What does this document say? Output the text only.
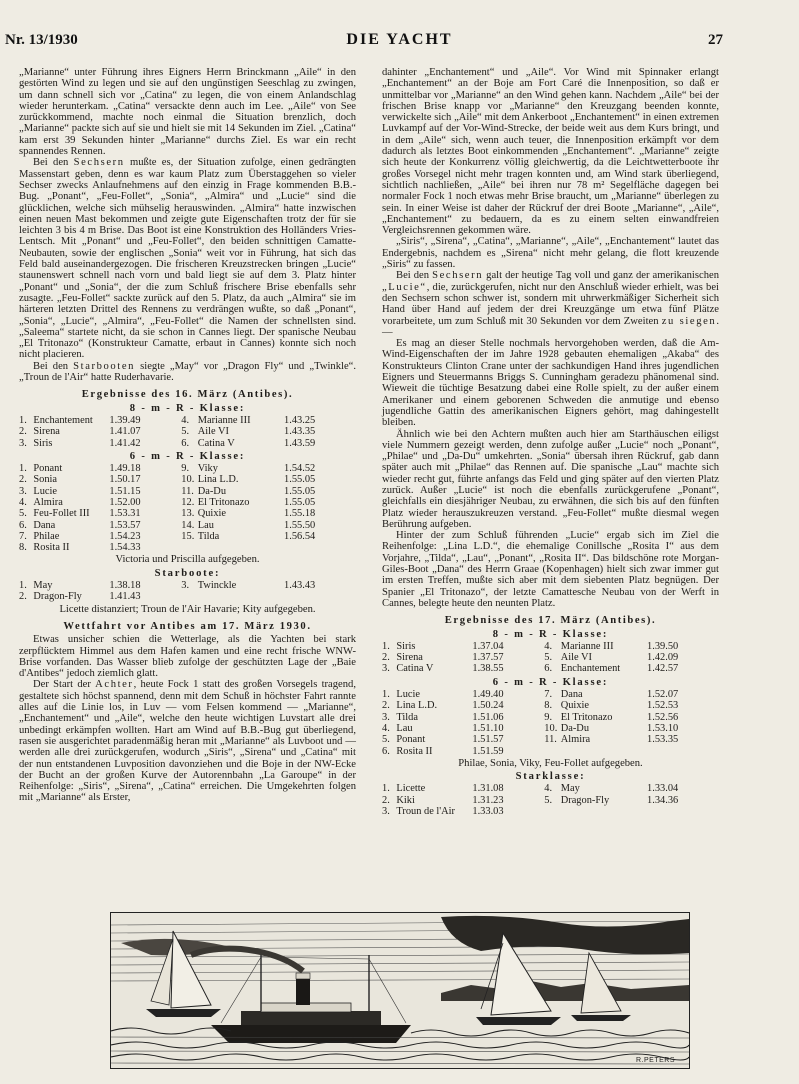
Nr. 13/1930	DIE YACHT	27

„Marianne“ unter Führung ihres Eigners Herrn Brinckmann „Aile“ in den gestörten Wind zu legen und sie auf den ungünstigen Seeschlag zu zwingen, um dann schnell sich vor „Catina“ zu legen, die von einem Anlandschlag wieder herunterkam. „Catina“ versackte denn auch im Lee. „Aile“ von See zurückkommend, machte noch einmal die Situation brenzlich, doch „Marianne“ packte sich auf sie und hielt sie mit 14 Sekunden im Ziel. „Catina“ kam erst 39 Sekunden hinter „Marianne“ durchs Ziel. Es war ein recht spannendes Rennen.

Bei den Sechsern mußte es, der Situation zufolge, einen gedrängten Massenstart geben, denn es war kaum Platz zum Überstaggehen so vieler Sechser zwecks Anlaufnehmens auf den einzig in Frage kommenden B.B.-Bug. „Ponant“, „Feu-Follet“, „Sonia“, „Almira“ und „Lucie“ sind die glücklichen, welche sich mühselig herauswinden. „Almira“ hatte inzwischen einen neuen Mast bekommen und zeigte gute Eigenschaften trotz der für sie leichten 3 bis 4 m Brise. Das Boot ist eine Konstruktion des Holländers Vries-Lentsch. Mit „Ponant“ und „Feu-Follet“, den beiden schnittigen Camatte-Neubauten, sowie der englischen „Sonia“ weit vor in Führung, hat sich das Feld bald auseinandergezogen. Die frischeren Kreuzstrecken bringen „Lucie“ staunenswert schnell nach vorn und bald liegt sie auf dem 3. Platz hinter „Ponant“ und „Sonia“, der die zum Schluß frischere Brise ebenfalls sehr zusagte. „Feu-Follet“ sackte zurück auf den 5. Platz, da auch „Almira“ sie im härteren letzten Drittel des Rennens zu verdrängen wußte, so daß „Ponant“, „Sonia“, „Lucie“, „Almira“, „Feu-Follet“ die Namen der schnellsten sind. „Saleema“ startete nicht, da sie schon in Cannes liegt. Der spanische Neubau „El Tritonazo“ (Konstrukteur Camatte, erbaut in Cannes) konnte sich noch nicht placieren.

Bei den Starbooten siegte „May“ vor „Dragon Fly“ und „Twinkle“. „Troun de l'Air“ hatte Ruderhavarie.

Ergebnisse des 16. März (Antibes).
8 - m - R - Klasse:
1.	Enchantement	1.39.49	4.	Marianne III	1.43.25
2.	Sirena	1.41.07	5.	Aile VI	1.43.35
3.	Siris	1.41.42	6.	Catina V	1.43.59
6 - m - R - Klasse:
1.	Ponant	1.49.18	9.	Viky	1.54.52
2.	Sonia	1.50.17	10.	Lina L.D.	1.55.05
3.	Lucie	1.51.15	11.	Da-Du	1.55.05
4.	Almira	1.52.00	12.	El Tritonazo	1.55.05
5.	Feu-Follet III	1.53.31	13.	Quixie	1.55.18
6.	Dana	1.53.57	14.	Lau	1.55.50
7.	Philae	1.54.23	15.	Tilda	1.56.54
8.	Rosita II	1.54.33			
Victoria und Priscilla aufgegeben.
Starboote:
1.	May	1.38.18	3.	Twinckle	1.43.43
2.	Dragon-Fly	1.41.43			
Licette distanziert; Troun de l'Air Havarie; Kity aufgegeben.
Wettfahrt vor Antibes am 17. März 1930.

Etwas unsicher schien die Wetterlage, als die Yachten bei stark zerpflücktem Himmel aus dem Hafen kamen und eine recht frische WNW-Brise vorfanden. Das Wasser blieb zufolge der geschützten Lage der „Baie d'Antibes“ jedoch ziemlich glatt.

Der Start der Achter, heute Fock 1 statt des großen Vorsegels tragend, gestaltete sich höchst spannend, denn mit dem Schuß in höchster Fahrt rannte alles auf die Linie los, in Luv — vom Felsen kommend — „Marianne“, „Enchantement“ und „Aile“, welche den heute wichtigen Luvstart alle drei unbedingt erkämpfen wollten. Hart am Wind auf B.B.-Bug gut überliegend, rasen sie ausgerichtet paradenmäßig heran mit „Marianne“ als Luvboot und — werden alle drei zurückgerufen, wodurch „Siris“, „Sirena“ und „Catina“ mit der nun entstandenen Luvposition davonziehen und die Boje in der NW-Ecke der Bucht an der großen Kurve der Autorennbahn „La Garoupe“ in der Reihenfolge: „Siris“, „Sirena“, „Catina“ erreichen. Die Umgekehrten folgen mit „Marianne“ als Erster,

dahinter „Enchantement“ und „Aile“. Vor Wind mit Spinnaker erlangt „Enchantement“ an der Boje am Fort Caré die Innenposition, so daß er unmittelbar vor „Marianne“ an den Wind gehen kann. Nachdem „Aile“ bei der frischen Brise knapp vor „Marianne“ den Kreuzgang beenden konnte, verwickelte sich „Aile“ mit dem Ankerboot „Enchantement“ in einen extremen Luvkampf auf der Vor-Wind-Strecke, der beide weit aus dem Kurs bringt, und in dem „Aile“ sich, wenn auch teuer, die Innenposition erkämpft vor dem dadurch als letztes Boot einkommenden „Enchantement“. „Marianne“ zeigte sich heute der Konkurrenz völlig gleichwertig, da die Leichtwetterboote ihr großes Vorsegel nicht mehr tragen konnten und, am Wind stark überliegend, sichtlich nachließen, „Aile“ bei ihren nur 78 m² Segelfläche dagegen bei normaler Fock 1 noch etwas mehr Brise braucht, um „Marianne“ überlegen zu sein. In einer Weise ist daher der Rückruf der drei Boote „Marianne“, „Aile“, „Enchantement“ zu bedauern, da es zu einem selten einwandfreien Vergleichsrennen gekommen wäre.

„Siris“, „Sirena“, „Catina“, „Marianne“, „Aile“, „Enchantement“ lautet das Endergebnis, nachdem es „Sirena“ nicht mehr gelang, die flott kreuzende „Siris“ zu fassen.

Bei den Sechsern galt der heutige Tag voll und ganz der amerikanischen „Lucie“, die, zurückgerufen, nicht nur den Anschluß wieder erhielt, was bei den Sechsern schon schwer ist, sondern mit uhrwerkmäßiger Sicherheit sich Hand über Hand auf jedem der drei Kreuzgänge um etwa fünf Plätze vorarbeitete, um zum Schluß mit 30 Sekunden vor dem Zweiten zu siegen. —

Es mag an dieser Stelle nochmals hervorgehoben werden, daß die Am-Wind-Eigenschaften der im Jahre 1928 gebauten ehemaligen „Akaba“ des Konstrukteurs Clinton Crane unter der sachkundigen Hand ihres jugendlichen Eigners und Steuermanns Briggs S. Cunningham geradezu phänomenal sind. Wieweit die tüchtige Besatzung dabei eine Rolle spielt, zu der außer einem Amerikaner und einem geborenen Schweden die anmutige und ebenso jugendliche Gattin des amerikanischen Eigners gehört, mag dahingestellt bleiben.

Ähnlich wie bei den Achtern mußten auch hier am Starthäuschen eiligst viele Nummern gezeigt werden, denn zufolge außer „Lucie“ noch „Ponant“, „Philae“ und „Da-Du“ umkehrten. „Sonia“ übersah ihren Rückruf, gab dann später auch mit „Philae“ das Rennen auf. Die spanische „Lau“ machte sich wieder recht gut, führte anfangs das Feld und ging später auf den vierten Platz zurück. Außer „Lucie“ ist noch die ebenfalls zurückgerufene „Ponant“, gleichfalls ein diesjähriger Neubau, zu erwähnen, die sich bis auf den fünften Platz wieder herauszukreuzen verstand. „Feu-Follet“ mußte diesmal wegen Berührung aufgeben.

Hinter der zum Schluß führenden „Lucie“ ergab sich im Ziel die Reihenfolge: „Lina L.D.“, die ehemalige Conillsche „Rosita I“ aus dem Vorjahre, „Tilda“, „Lau“, „Ponant“, „Rosita II“. Das bildschöne rote Morgan-Giles-Boot „Dana“ des Herrn Graae (Kopenhagen) hielt sich zwar immer gut im ersten Treffen, mußte sich aber mit dem siebenten Platz begnügen. Der Spanier „El Tritonazo“, der letzte Camattesche Neubau von der Werft in Cannes, belegte heute den neunten Platz.

Ergebnisse des 17. März (Antibes).
8 - m - R - Klasse:
1.	Siris	1.37.04	4.	Marianne III	1.39.50
2.	Sirena	1.37.57	5.	Aile VI	1.42.09
3.	Catina V	1.38.55	6.	Enchantement	1.42.57
6 - m - R - Klasse:
1.	Lucie	1.49.40	7.	Dana	1.52.07
2.	Lina L.D.	1.50.24	8.	Quixie	1.52.53
3.	Tilda	1.51.06	9.	El Tritonazo	1.52.56
4.	Lau	1.51.10	10.	Da-Du	1.53.10
5.	Ponant	1.51.57	11.	Almira	1.53.35
6.	Rosita II	1.51.59			
Philae, Sonia, Viky, Feu-Follet aufgegeben.
Starklasse:
1.	Licette	1.31.08	4.	May	1.33.04
2.	Kiki	1.31.23	5.	Dragon-Fly	1.34.36
3.	Troun de l'Air	1.33.03			
R.PETERS
